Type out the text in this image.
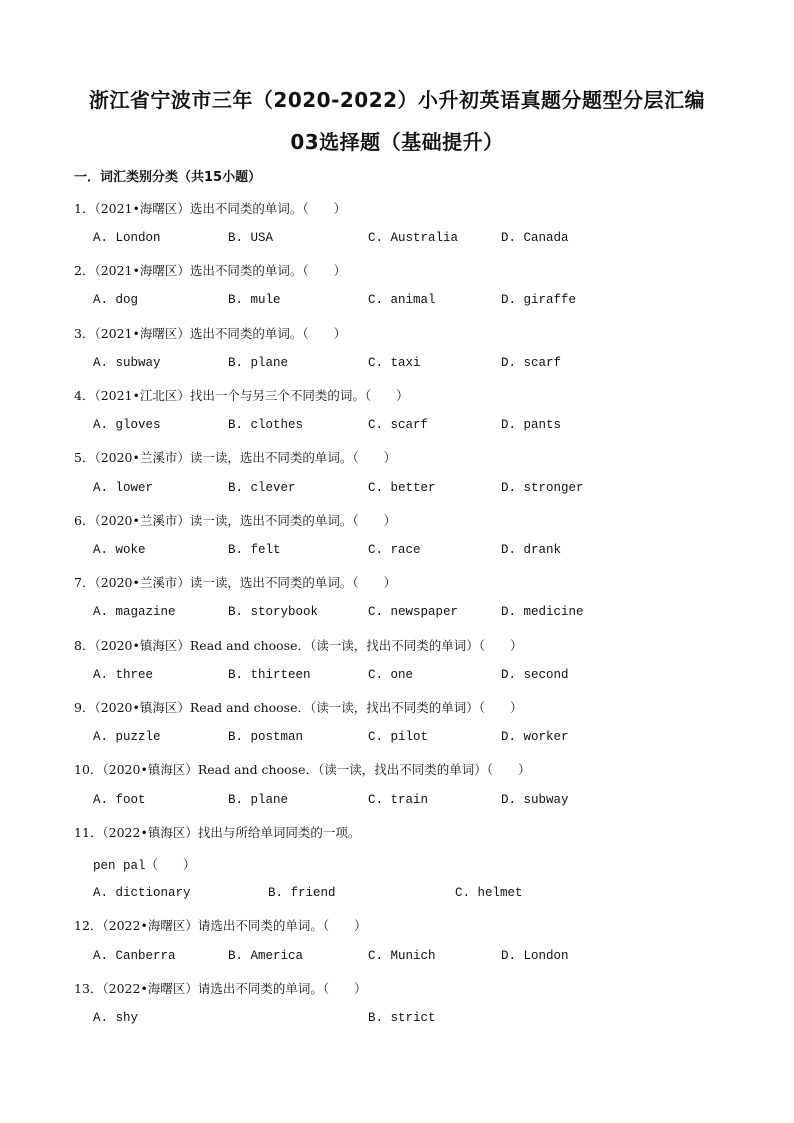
浙江省宁波市三年（2020-2022）小升初英语真题分题型分层汇编
03选择题（基础提升）
一．词汇类别分类（共15小题）
1．（2021•海曙区）选出不同类的单词。（　　）
A. London	B. USA	C. Australia	D. Canada
2．（2021•海曙区）选出不同类的单词。（　　）
A. dog	B. mule	C. animal	D. giraffe
3．（2021•海曙区）选出不同类的单词。（　　）
A. subway	B. plane	C. taxi	D. scarf
4．（2021•江北区）找出一个与另三个不同类的词。（　　）
A. gloves	B. clothes	C. scarf	D. pants
5．（2020•兰溪市）读一读，选出不同类的单词。（　　）
A. lower	B. clever	C. better	D. stronger
6．（2020•兰溪市）读一读，选出不同类的单词。（　　）
A. woke	B. felt	C. race	D. drank
7．（2020•兰溪市）读一读，选出不同类的单词。（　　）
A. magazine	B. storybook	C. newspaper	D. medicine
8．（2020•镇海区）Read and choose．（读一读，找出不同类的单词）（　　）
A. three	B. thirteen	C. one	D. second
9．（2020•镇海区）Read and choose．（读一读，找出不同类的单词）（　　）
A. puzzle	B. postman	C. pilot	D. worker
10．（2020•镇海区）Read and choose．（读一读，找出不同类的单词）（　　）
A. foot	B. plane	C. train	D. subway
11．（2022•镇海区）找出与所给单词同类的一项。
pen pal（　　）
A. dictionary	B. friend	C. helmet
12．（2022•海曙区）请选出不同类的单词。（　　）
A. Canberra	B. America	C. Munich	D. London
13．（2022•海曙区）请选出不同类的单词。（　　）
A. shy	B. strict
